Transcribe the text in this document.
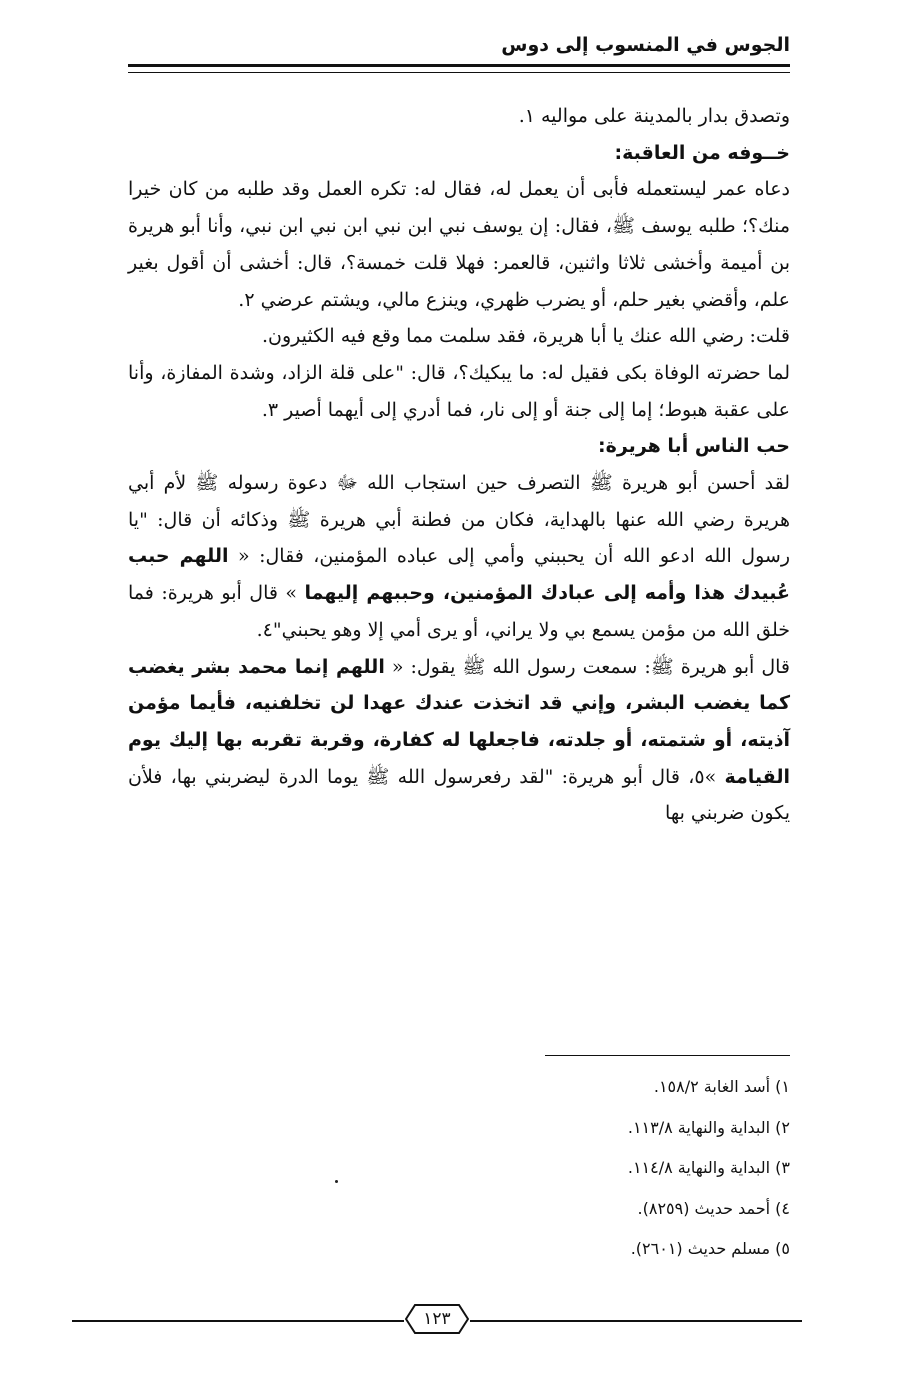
الجوس في المنسوب إلى دوس

وتصدق بدار بالمدينة على مواليه ١.

خــوفه من العاقبة:

دعاه عمر ليستعمله فأبى أن يعمل له، فقال له: تكره العمل وقد طلبه من كان خيرا منك؟؛ طلبه يوسف ﷺ، فقال: إن يوسف نبي ابن نبي ابن نبي ابن نبي، وأنا أبو هريرة بن أميمة وأخشى ثلاثا واثنين، قالعمر: فهلا قلت خمسة؟، قال: أخشى أن أقول بغير علم، وأقضي بغير حلم، أو يضرب ظهري، وينزع مالي، ويشتم عرضي ٢.

قلت: رضي الله عنك يا أبا هريرة، فقد سلمت مما وقع فيه الكثيرون.

لما حضرته الوفاة بكى فقيل له: ما يبكيك؟، قال: "على قلة الزاد، وشدة المفازة، وأنا على عقبة هبوط؛ إما إلى جنة أو إلى نار، فما أدري إلى أيهما أصير ٣.

حب الناس أبا هريرة:

لقد أحسن أبو هريرة ﷺ التصرف حين استجاب الله ﷻ دعوة رسوله ﷺ لأم أبي هريرة رضي الله عنها بالهداية، فكان من فطنة أبي هريرة ﷺ وذكائه أن قال: "يا رسول الله ادعو الله أن يحببني وأمي إلى عباده المؤمنين، فقال: « اللهم حبب عُبيدك هذا وأمه إلى عبادك المؤمنين، وحببهم إليهما » قال أبو هريرة: فما خلق الله من مؤمن يسمع بي ولا يراني، أو يرى أمي إلا وهو يحبني"٤.

قال أبو هريرة ﷺ: سمعت رسول الله ﷺ يقول: « اللهم إنما محمد بشر يغضب كما يغضب البشر، وإني قد اتخذت عندك عهدا لن تخلفنيه، فأيما مؤمن آذيته، أو شتمته، أو جلدته، فاجعلها له كفارة، وقربة تقربه بها إليك يوم القيامة »٥، قال أبو هريرة: "لقد رفعرسول الله ﷺ يوما الدرة ليضربني بها، فلأن يكون ضربني بها

١) أسد الغابة ١٥٨/٢.
٢) البداية والنهاية ١١٣/٨.
٣) البداية والنهاية ١١٤/٨.
٤) أحمد حديث (٨٢٥٩).
٥) مسلم حديث (٢٦٠١).
١٢٣
